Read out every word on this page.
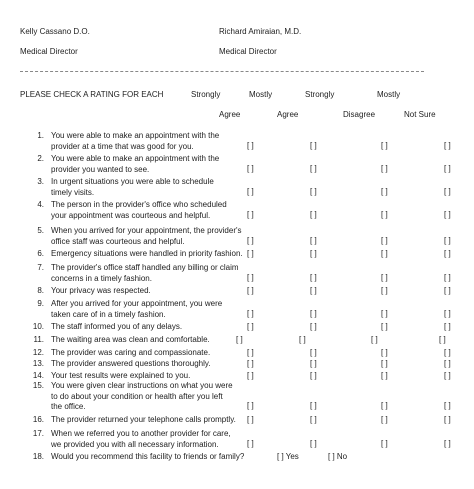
Kelly Cassano D.O.
Medical Director
Richard Amiraian, M.D.
Medical Director
PLEASE CHECK A RATING FOR EACH	Strongly	Mostly	Strongly	Mostly
Agree	Agree	Disagree	Not Sure
1. You were able to make an appointment with the
provider at a time that was good for you.	[ ]	[ ]	[ ]	[ ]
2. You were able to make an appointment with the
provider you wanted to see.	[ ]	[ ]	[ ]	[ ]
3. In urgent situations you were able to schedule
timely visits.	[ ]	[ ]	[ ]	[ ]
4. The person in the provider's office who scheduled
your appointment was courteous and helpful.	[ ]	[ ]	[ ]	[ ]
5. When you arrived for your appointment, the provider's
office staff was courteous and helpful.	[ ]	[ ]	[ ]	[ ]
6. Emergency situations were handled in priority fashion. [ ]	[ ]	[ ]	[ ]
7. The provider's office staff handled any billing or claim
concerns in a timely fashion.	[ ]	[ ]	[ ]	[ ]
8. Your privacy was respected.	[ ]	[ ]	[ ]	[ ]
9. After you arrived for your appointment, you were
taken care of in a timely fashion.	[ ]	[ ]	[ ]	[ ]
10. The staff informed you of any delays.	[ ]	[ ]	[ ]	[ ]
11. The waiting area was clean and comfortable.	[ ]	[ ]	[ ]	[ ]
12. The provider was caring and compassionate.	[ ]	[ ]	[ ]	[ ]
13. The provider answered questions thoroughly.	[ ]	[ ]	[ ]	[ ]
14. Your test results were explained to you.	[ ]	[ ]	[ ]	[ ]
15. You were given clear instructions on what you were
to do about your condition or health after you left
the office.	[ ]	[ ]	[ ]	[ ]
16. The provider returned your telephone calls promptly. [ ]	[ ]	[ ]	[ ]
17. When we referred you to another provider for care,
we provided you with all necessary information.	[ ]	[ ]	[ ]	[ ]
18. Would you recommend this facility to friends or family?	[ ] Yes	[ ] No
